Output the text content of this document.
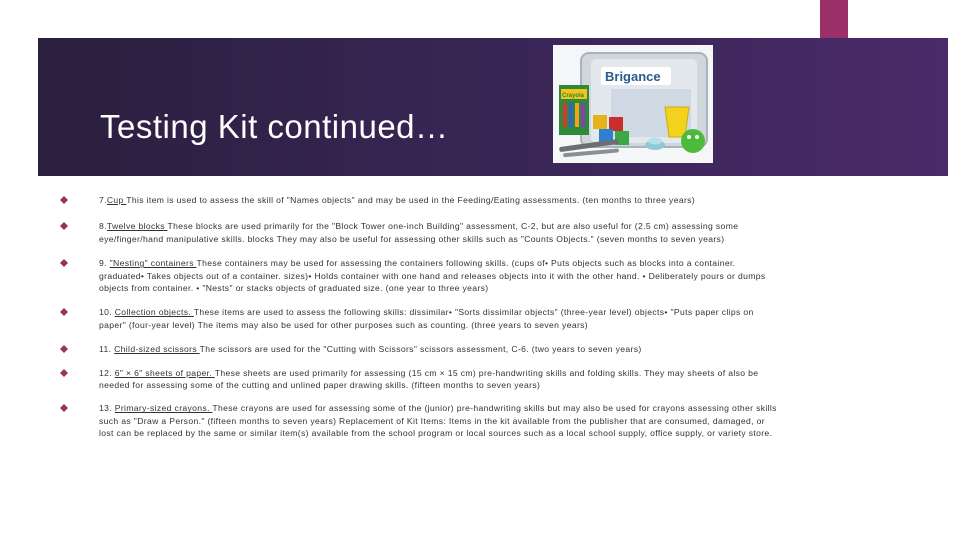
Testing Kit continued…
Brigance
Crayola
7.Cup This item is used to assess the skill of "Names objects" and may be used in the Feeding/Eating assessments. (ten months to three years)
8.Twelve blocks These blocks are used primarily for the "Block Tower one-inch Building" assessment, C-2, but are also useful for (2.5 cm) assessing some eye/finger/hand manipulative skills. blocks They may also be useful for assessing other skills such as "Counts Objects." (seven months to seven years)
9. "Nesting" containers These containers may be used for assessing the containers following skills. (cups of• Puts objects such as blocks into a container. graduated• Takes objects out of a container. sizes)• Holds container with one hand and releases objects into it with the other hand. • Deliberately pours or dumps objects from container. • "Nests" or stacks objects of graduated size. (one year to three years)
10. Collection objects. These items are used to assess the following skills: dissimilar• "Sorts dissimilar objects" (three-year level) objects• "Puts paper clips on paper" (four-year level) The items may also be used for other purposes such as counting. (three years to seven years)
11. Child-sized scissors The scissors are used for the "Cutting with Scissors" scissors assessment, C-6. (two years to seven years)
12. 6" × 6" sheets of paper. These sheets are used primarily for assessing (15 cm × 15 cm) pre-handwriting skills and folding skills. They may sheets of also be needed for assessing some of the cutting and unlined paper drawing skills. (fifteen months to seven years)
13. Primary-sized crayons. These crayons are used for assessing some of the (junior) pre-handwriting skills but may also be used for crayons assessing other skills such as "Draw a Person." (fifteen months to seven years) Replacement of Kit Items: Items in the kit available from the publisher that are consumed, damaged, or lost can be replaced by the same or similar item(s) available from the school program or local sources such as a local school supply, office supply, or variety store.
